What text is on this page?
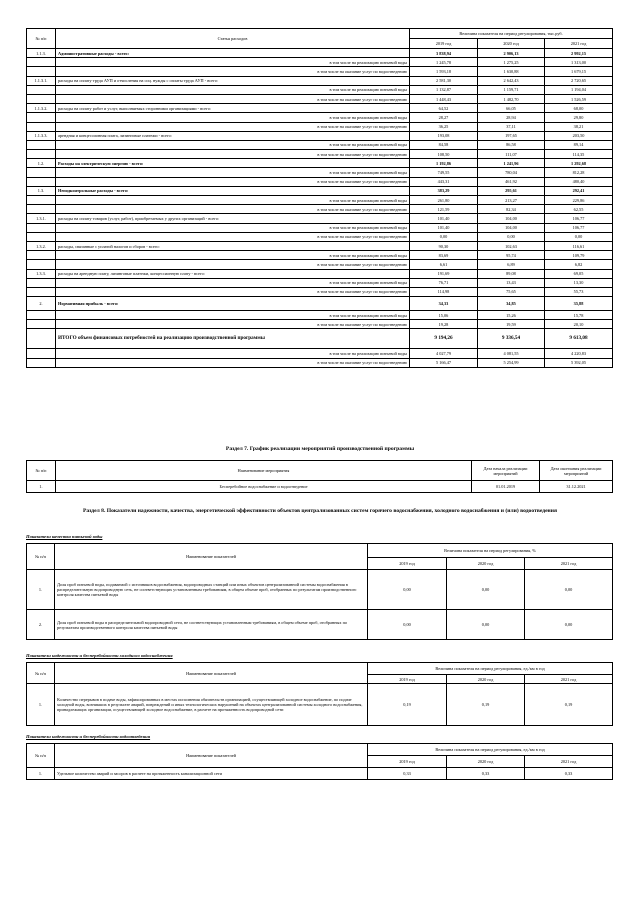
№ п/п	Статья расходов	Величина показателя на период регулирования, тыс.руб.		
		2019 год	2020 год	2021 год
1.1.3.	Административные расходы - всего:	3 838,94	2 906,13	2 992,15
	в том числе на реализацию питьевой воды	1 245,78	1 275,25	1 313,00
	в том числе на оказание услуг по водоотведению	1 593,18	1 630,88	1 679,15
1.1.3.1.	расходы на оплату труда АУП и отчисления на соц. нужды с оплаты труда АУП - всего:	2 581,30	2 642,43	2 720,65
	в том числе на реализацию питьевой воды	1 132,87	1 159,71	1 194,04
	в том числе на оказание услуг по водоотведению	1 448,43	1 482,70	1 526,59
1.1.3.2.	расходы на оплату работ и услуг, выполняемых сторонними организациями - всего:	64,52	66,05	68,00
	в том числе на реализацию питьевой воды	28,27	28,94	29,80
	в том числе на оказание услуг по водоотведению	36,25	37,11	38,21
1.1.3.3.	арендная и концессионная плата, лизинговые платежи - всего:	193,08	197,65	203,50
	в том числе на реализацию питьевой воды	84,58	86,58	89,14
	в том числе на оказание услуг по водоотведению	108,50	111,07	114,35
1.2.	Расходы на электрическую энергию - всего:	1 192,86	1 241,96	1 292,68
	в том числе на реализацию питьевой воды	749,55	780,04	812,28
	в том числе на оказание услуг по водоотведению	443,31	461,92	480,40
1.3.	Неподконтрольные расходы - всего:	383,29	295,61	292,41
	в том числе на реализацию питьевой воды	261,80	213,27	229,86
	в том числе на оказание услуг по водоотведению	121,59	82,34	62,55
1.3.1.	расходы на оплату товаров (услуг, работ), приобретаемых у других организаций - всего:	101,40	104,00	106,77
	в том числе на реализацию питьевой воды	101,40	104,00	106,77
	в том числе на оказание услуг по водоотведению	0,00	0,00	0,00
1.3.2.	расходы, связанные с уплатой налогов и сборов - всего:	90,30	102,63	116,61
	в том числе на реализацию питьевой воды	83,69	95,74	109,79
	в том числе на оказание услуг по водоотведению	6,61	6,89	6,82
1.3.3.	расходы на арендную плату, лизинговые платежи, концессионную плату - всего:	191,69	89,08	69,05
	в том числе на реализацию питьевой воды	76,71	13,43	13,30
	в том числе на оказание услуг по водоотведению	114,98	75,65	55,73
2.	Нормативная прибыль - всего:	34,33	34,85	35,88
	в том числе на реализацию питьевой воды	15,06	15,26	15,78
	в том числе на оказание услуг по водоотведению	19,28	19,59	20,10
	ИТОГО объем финансовых потребностей на реализацию производственной программы	9 194,26	9 336,54	9 613,08
	в том числе на реализацию питьевой воды	4 027,79	4 081,55	4 220,83
	в том числе на оказание услуг по водоотведению	5 166,47	5 254,99	5 392,05
Раздел 7. График реализации мероприятий производственной программы
№ п/п	Наименование мероприятия	Дата начала реализации мероприятий	Дата окончания реализации мероприятий
1.	Бесперебойное водоснабжение и водоотведение	01.01.2019	31.12.2021
Раздел 8. Показатели надежности, качества, энергетической эффективности объектов централизованных систем горячего водоснабжения, холодного водоснабжения и (или) водоотведения
Показатели качества питьевой воды
№ п/п	Наименование показателей	Величина показателя на период регулирования, %		
		2019 год	2020 год	2021 год
1.	Доля проб питьевой воды, подаваемой с источников водоснабжения, водопроводных станций или иных объектов централизованной системы водоснабжения в распределительную водопроводную сеть, не соответствующих установленным требованиям, в общем объеме проб, отобранных по результатам производственного контроля качества питьевой воды	0,00	0,00	0,00
2.	Доля проб питьевой воды в распределительной водопроводной сети, не соответствующих установленным требованиям, в общем объеме проб, отобранных по результатам производственного контроля качества питьевой воды	0,00	0,00	0,00
Показатели надежности и бесперебойности холодного водоснабжения
№ п/п	Наименование показателей	Величина показателя на период регулирования, ед./км в год		
		2019 год	2020 год	2021 год
1.	Количество перерывов в подаче воды, зафиксированных в местах исполнения обязательств организацией, осуществляющей холодное водоснабжение, по подаче холодной воды, возникших в результате аварий, повреждений и иных технологических нарушений на объектах централизованной системы холодного водоснабжения, принадлежащих организации, осуществляющей холодное водоснабжение, в расчете на протяженность водопроводной сети	0,19	0,19	0,19
Показатели надежности и бесперебойности водоотведения
№ п/п	Наименование показателей	Величина показателя на период регулирования, ед./км в год		
		2019 год	2020 год	2021 год
1.	Удельное количество аварий и засоров в расчете на протяженность канализационной сети	0,33	0,33	0,33
